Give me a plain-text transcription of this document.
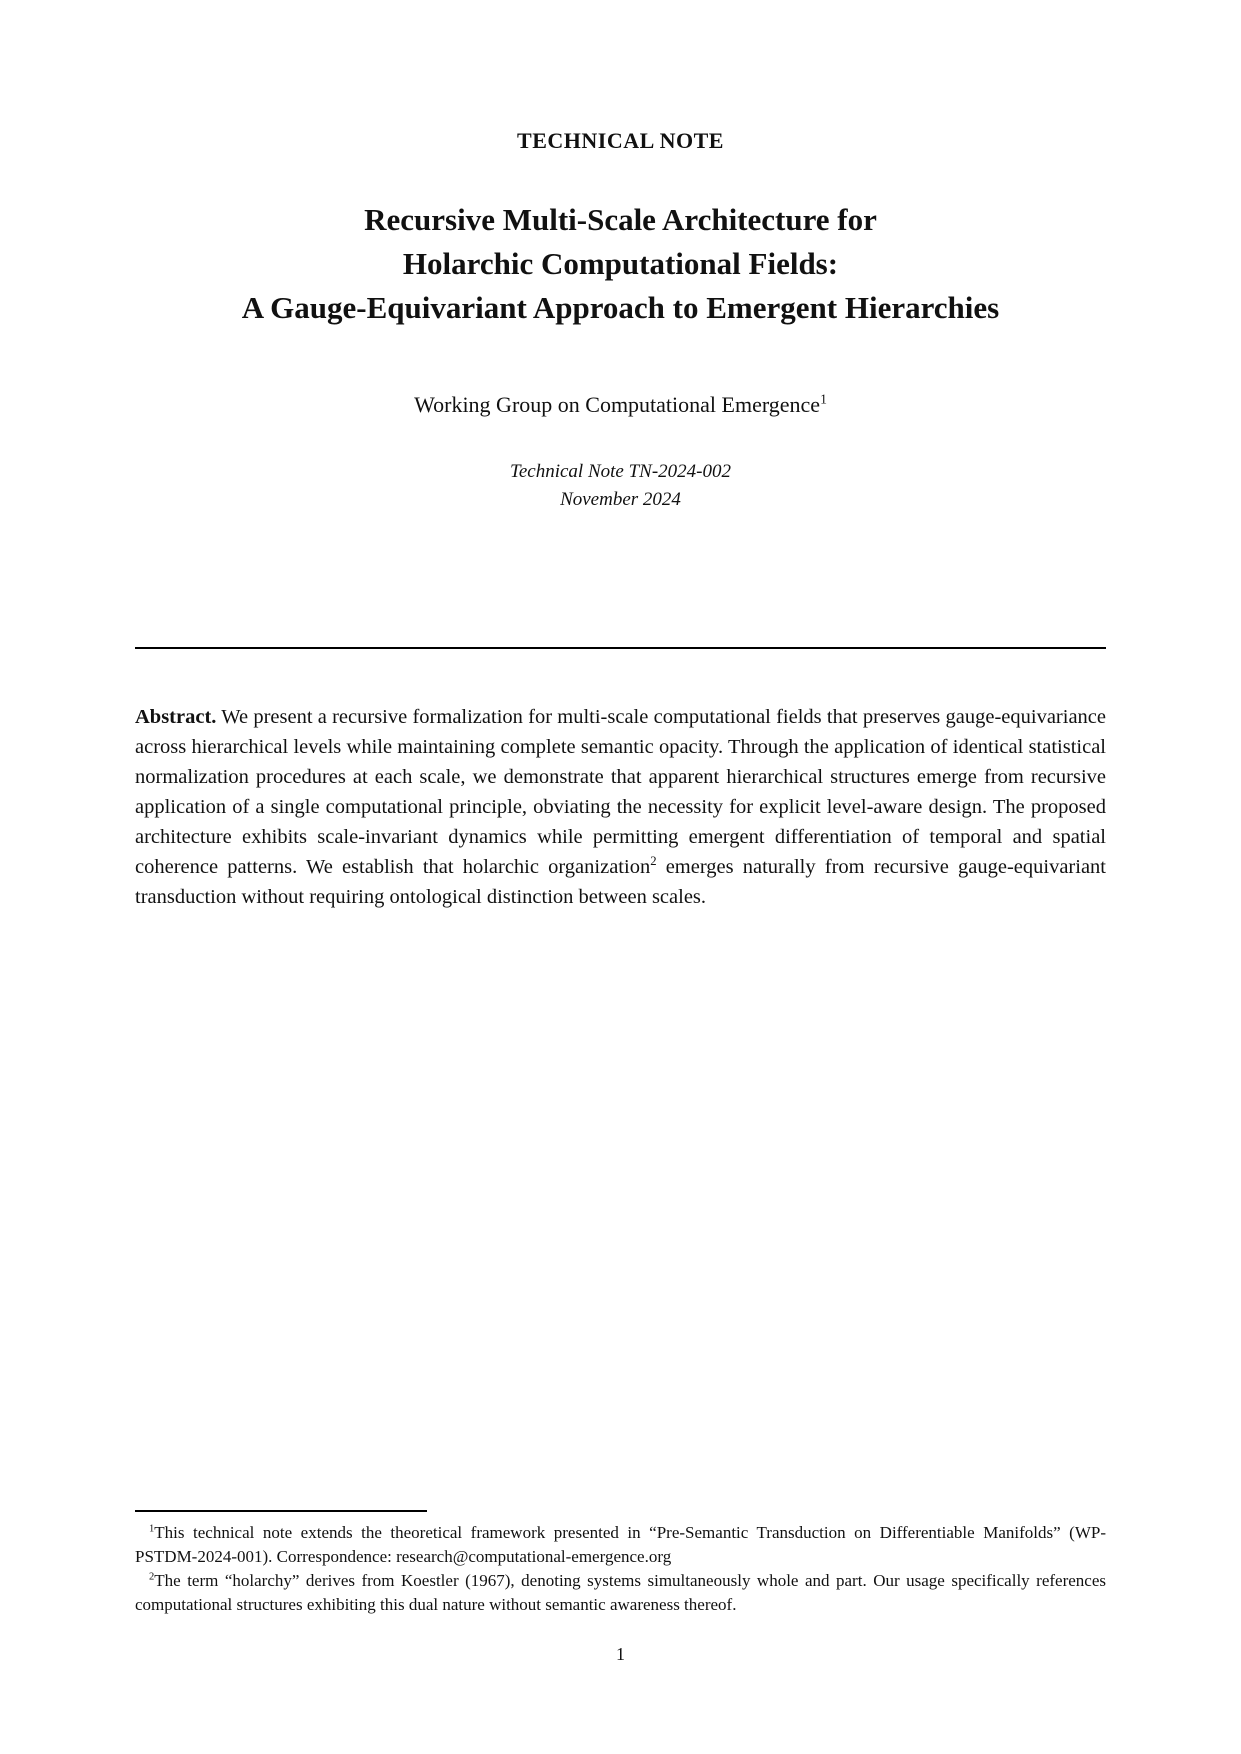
TECHNICAL NOTE
Recursive Multi-Scale Architecture for
Holarchic Computational Fields:
A Gauge-Equivariant Approach to Emergent Hierarchies
Working Group on Computational Emergence$^1$
Technical Note TN-2024-002
November 2024
Abstract. We present a recursive formalization for multi-scale computational fields that preserves gauge-equivariance across hierarchical levels while maintaining complete semantic opacity. Through the application of identical statistical normalization procedures at each scale, we demonstrate that apparent hierarchical structures emerge from recursive application of a single computational principle, obviating the necessity for explicit level-aware design. The proposed architecture exhibits scale-invariant dynamics while permitting emergent differentiation of temporal and spatial coherence patterns. We establish that holarchic organization$^2$ emerges naturally from recursive gauge-equivariant transduction without requiring ontological distinction between scales.

$^1$This technical note extends the theoretical framework presented in “Pre-Semantic Transduction on Differentiable Manifolds” (WP-PSTDM-2024-001). Correspondence: research@computational-emergence.org

$^2$The term “holarchy” derives from Koestler (1967), denoting systems simultaneously whole and part. Our usage specifically references computational structures exhibiting this dual nature without semantic awareness thereof.

1
